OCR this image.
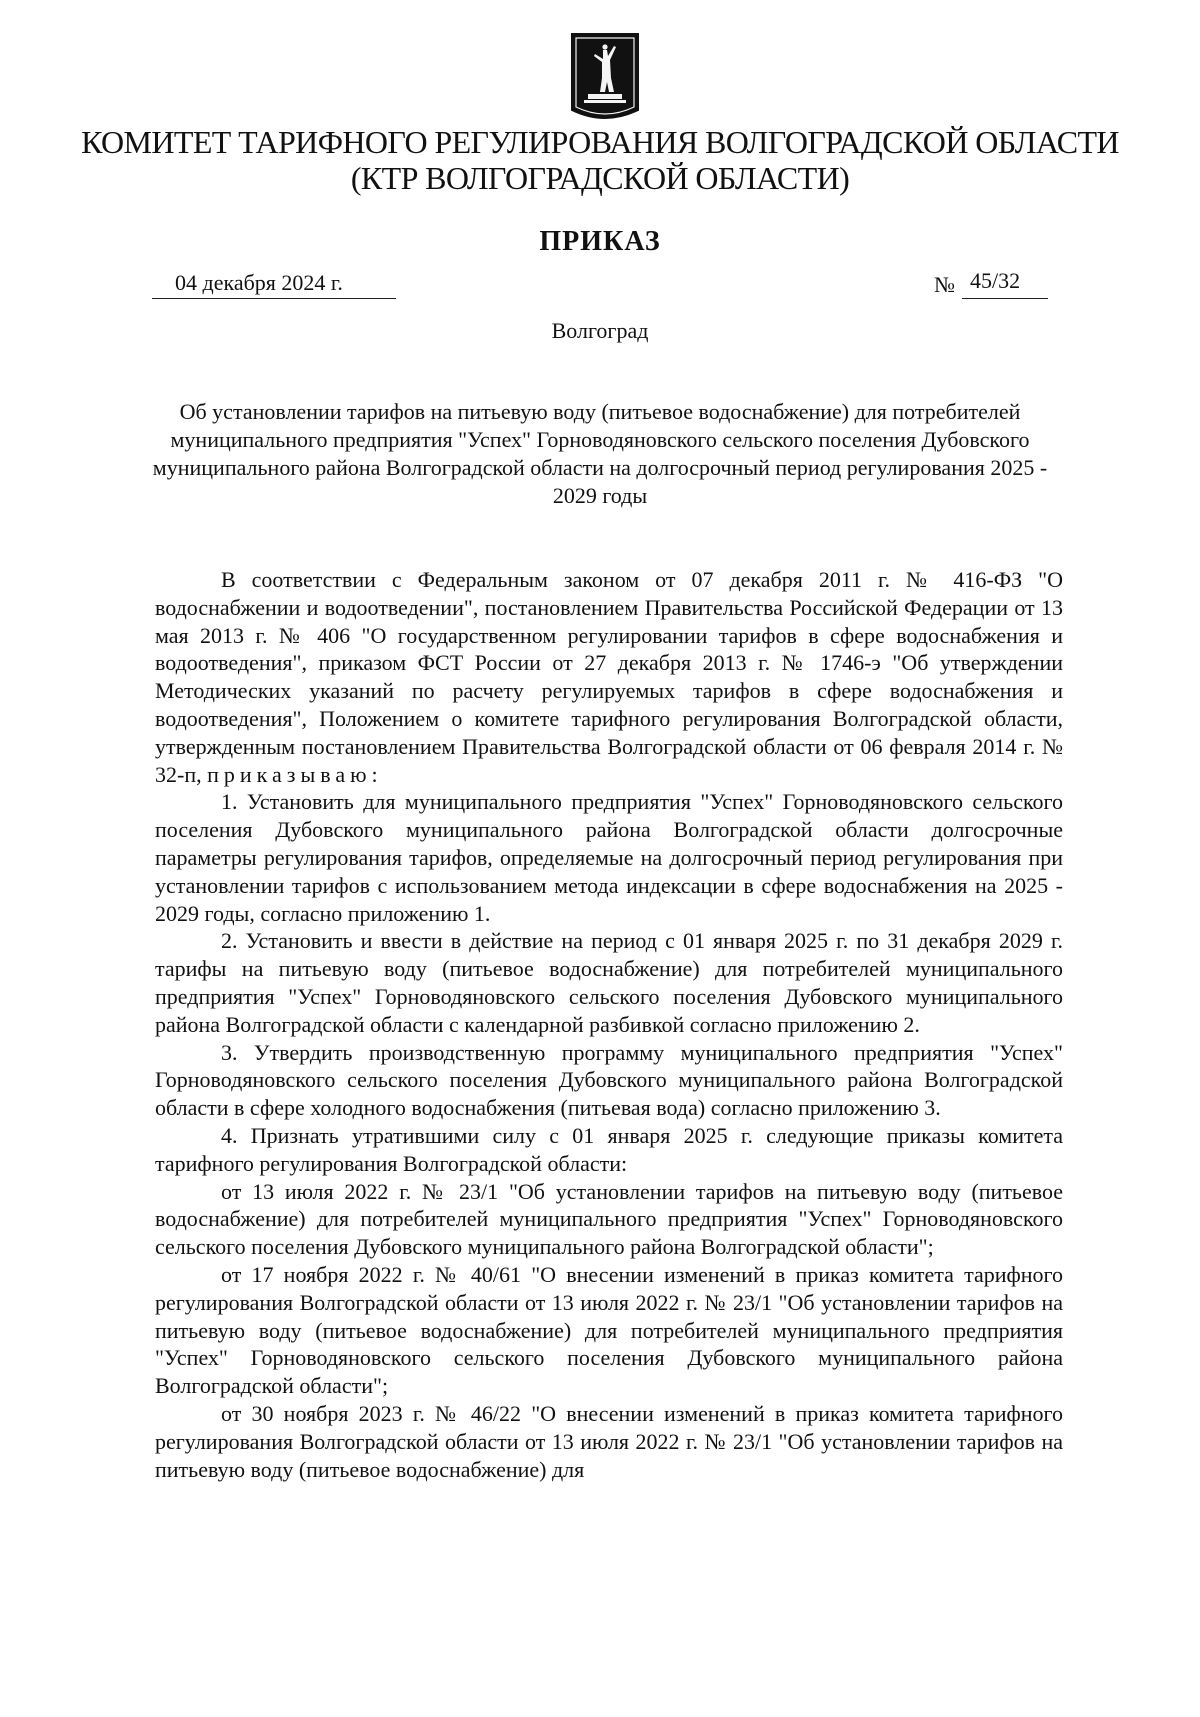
КОМИТЕТ ТАРИФНОГО РЕГУЛИРОВАНИЯ ВОЛГОГРАДСКОЙ ОБЛАСТИ
(КТР ВОЛГОГРАДСКОЙ ОБЛАСТИ)
ПРИКАЗ
04 декабря 2024 г.	№ 45/32
Волгоград
Об установлении тарифов на питьевую воду (питьевое водоснабжение) для потребителей муниципального предприятия "Успех" Горноводяновского сельского поселения Дубовского муниципального района Волгоградской области на долгосрочный период регулирования 2025 - 2029 годы

В соответствии с Федеральным законом от 07 декабря 2011 г. № 416-ФЗ "О водоснабжении и водоотведении", постановлением Правительства Российской Федерации от 13 мая 2013 г. № 406 "О государственном регулировании тарифов в сфере водоснабжения и водоотведения", приказом ФСТ России от 27 декабря 2013 г. № 1746-э "Об утверждении Методических указаний по расчету регулируемых тарифов в сфере водоснабжения и водоотведения", Положением о комитете тарифного регулирования Волгоградской области, утвержденным постановлением Правительства Волгоградской области от 06 февраля 2014 г. № 32-п, приказываю:

1. Установить для муниципального предприятия "Успех" Горноводяновского сельского поселения Дубовского муниципального района Волгоградской области долгосрочные параметры регулирования тарифов, определяемые на долгосрочный период регулирования при установлении тарифов с использованием метода индексации в сфере водоснабжения на 2025 - 2029 годы, согласно приложению 1.

2. Установить и ввести в действие на период с 01 января 2025 г. по 31 декабря 2029 г. тарифы на питьевую воду (питьевое водоснабжение) для потребителей муниципального предприятия "Успех" Горноводяновского сельского поселения Дубовского муниципального района Волгоградской области с календарной разбивкой согласно приложению 2.

3. Утвердить производственную программу муниципального предприятия "Успех" Горноводяновского сельского поселения Дубовского муниципального района Волгоградской области в сфере холодного водоснабжения (питьевая вода) согласно приложению 3.

4. Признать утратившими силу с 01 января 2025 г. следующие приказы комитета тарифного регулирования Волгоградской области:

от 13 июля 2022 г. № 23/1 "Об установлении тарифов на питьевую воду (питьевое водоснабжение) для потребителей муниципального предприятия "Успех" Горноводяновского сельского поселения Дубовского муниципального района Волгоградской области";

от 17 ноября 2022 г. № 40/61 "О внесении изменений в приказ комитета тарифного регулирования Волгоградской области от 13 июля 2022 г. № 23/1 "Об установлении тарифов на питьевую воду (питьевое водоснабжение) для потребителей муниципального предприятия "Успех" Горноводяновского сельского поселения Дубовского муниципального района Волгоградской области";

от 30 ноября 2023 г. № 46/22 "О внесении изменений в приказ комитета тарифного регулирования Волгоградской области от 13 июля 2022 г. № 23/1 "Об установлении тарифов на питьевую воду (питьевое водоснабжение) для
